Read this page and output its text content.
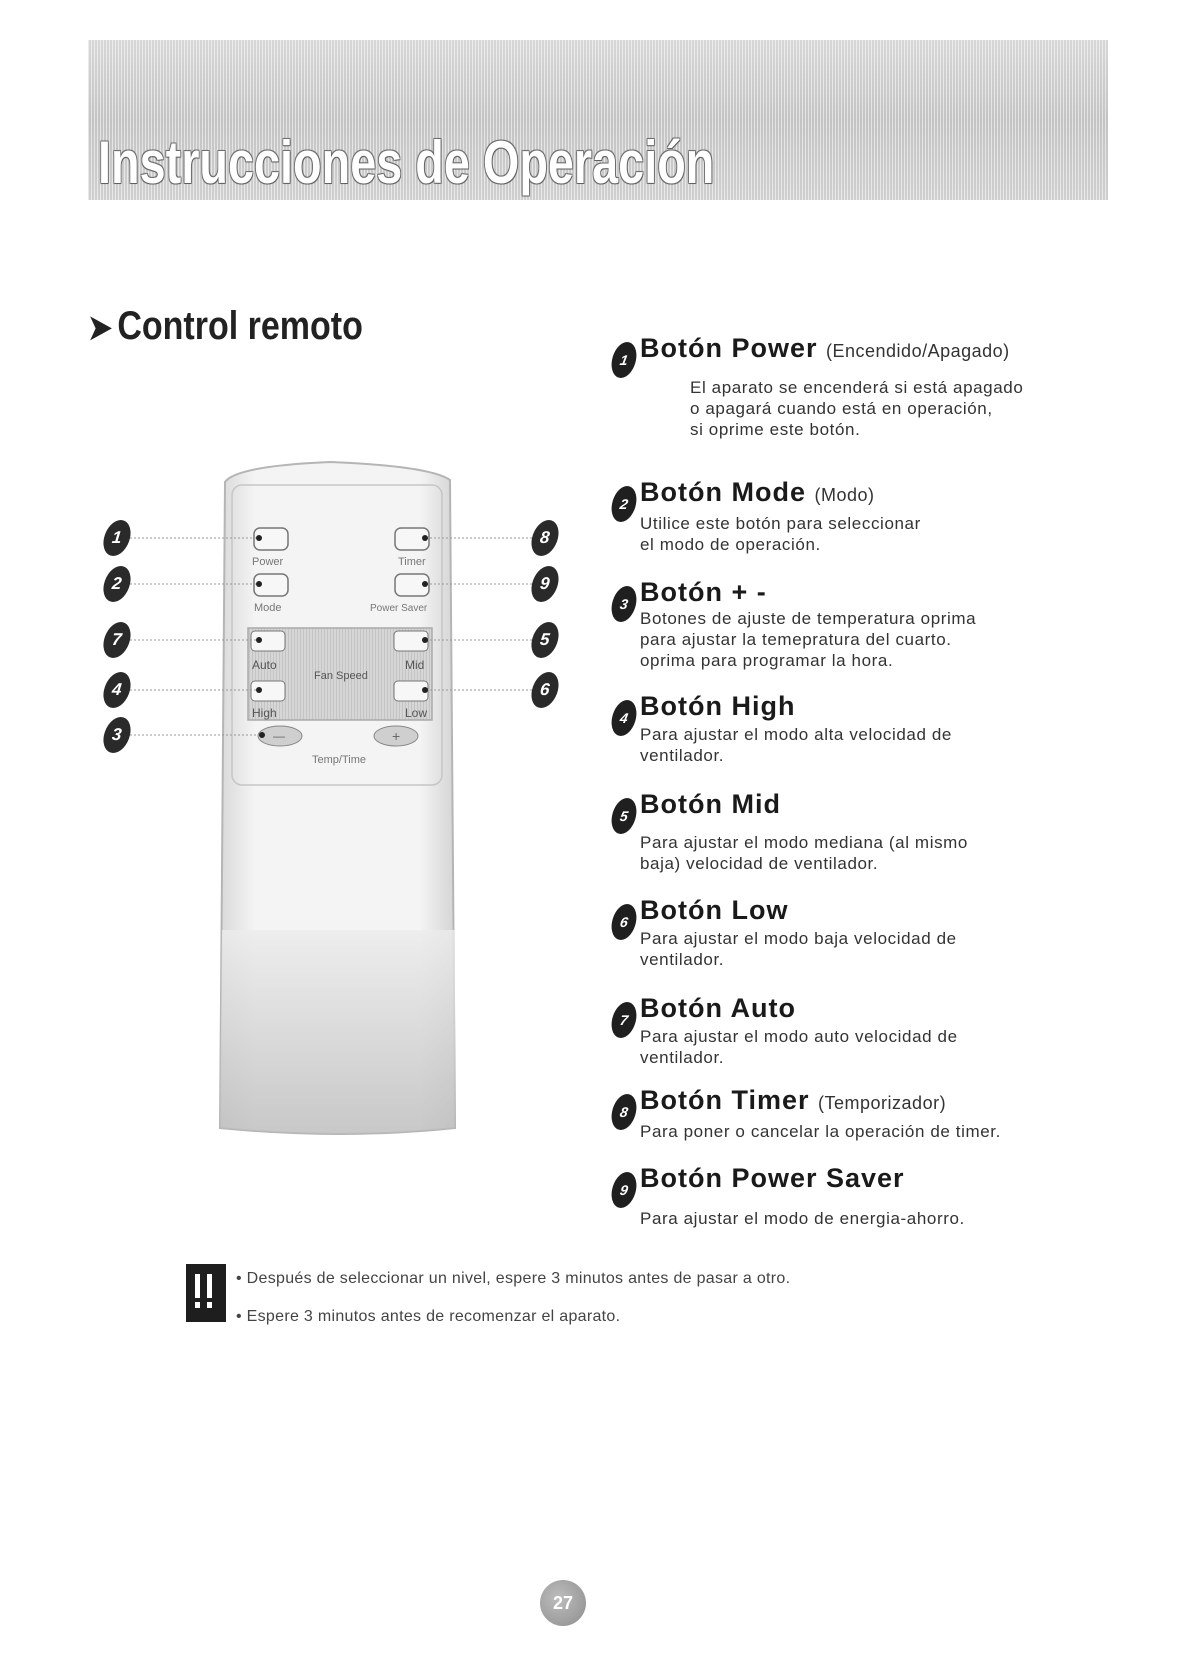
Instrucciones de Operación
➤ Control remoto
Power	Timer
Mode	Power Saver
Auto	Mid
Fan Speed
High	Low
—	+
Temp/Time
1
2
7
4
3
8
9
5
6
1 Botón Power (Encendido/Apagado)
El aparato se encenderá si está apagado
o apagará cuando está en operación,
si oprime este botón.
2 Botón Mode (Modo)
Utilice este botón para seleccionar
el modo de operación.
3 Botón + -
Botones de ajuste de temperatura oprima
para ajustar la temepratura del cuarto.
oprima para programar la hora.
4 Botón High
Para ajustar el modo alta velocidad de
ventilador.
5 Botón Mid
Para ajustar el modo mediana (al mismo
baja) velocidad de ventilador.
6 Botón Low
Para ajustar el modo baja velocidad de
ventilador.
7 Botón Auto
Para ajustar el modo auto velocidad de
ventilador.
8 Botón Timer (Temporizador)
Para poner o cancelar la operación de timer.
9 Botón Power Saver
Para ajustar el modo de energia-ahorro.
• Después de seleccionar un nivel, espere 3 minutos antes de pasar a otro.
• Espere 3 minutos antes de recomenzar el aparato.
27
